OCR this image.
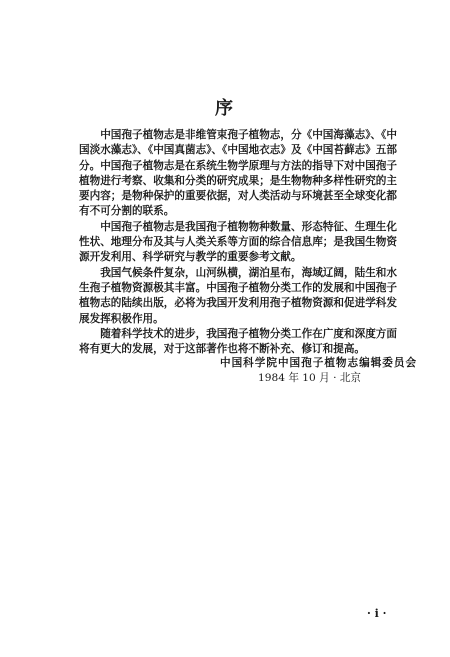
序

中国孢子植物志是非维管束孢子植物志，分《中国海藻志》、《中国淡水藻志》、《中国真菌志》、《中国地衣志》及《中国苔藓志》五部分。中国孢子植物志是在系统生物学原理与方法的指导下对中国孢子植物进行考察、收集和分类的研究成果；是生物物种多样性研究的主要内容；是物种保护的重要依据，对人类活动与环境甚至全球变化都有不可分割的联系。

中国孢子植物志是我国孢子植物物种数量、形态特征、生理生化性状、地理分布及其与人类关系等方面的综合信息库；是我国生物资源开发利用、科学研究与教学的重要参考文献。

我国气候条件复杂，山河纵横，湖泊星布，海域辽阔，陆生和水生孢子植物资源极其丰富。中国孢子植物分类工作的发展和中国孢子植物志的陆续出版，必将为我国开发利用孢子植物资源和促进学科发展发挥积极作用。

随着科学技术的进步，我国孢子植物分类工作在广度和深度方面将有更大的发展，对于这部著作也将不断补充、修订和提高。

中国科学院中国孢子植物志编辑委员会
1984 年 10 月 · 北京
· i ·
